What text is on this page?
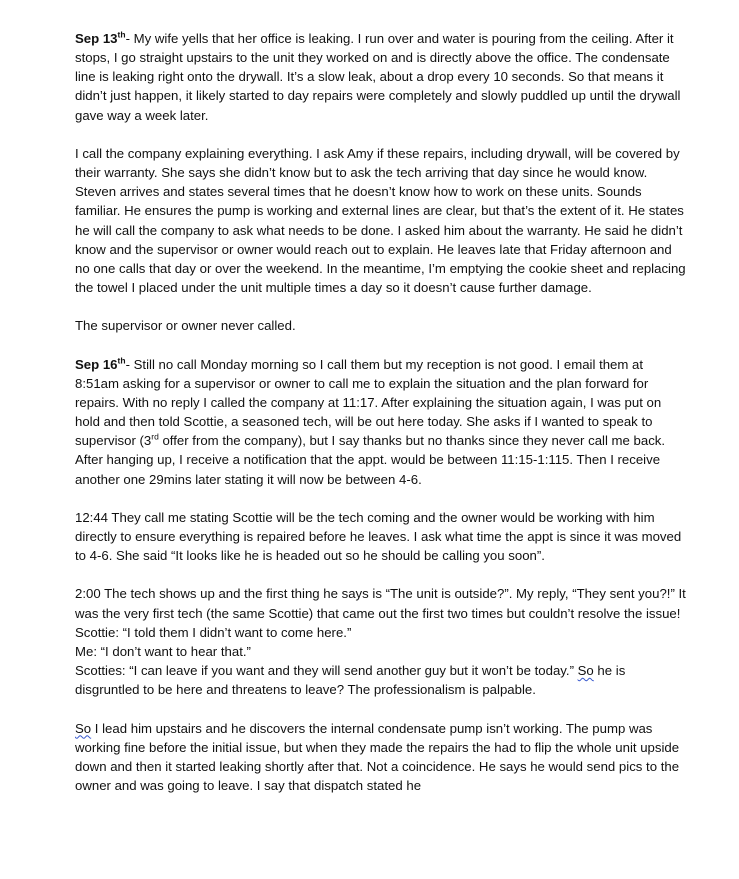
Sep 13th- My wife yells that her office is leaking. I run over and water is pouring from the ceiling. After it stops, I go straight upstairs to the unit they worked on and is directly above the office. The condensate line is leaking right onto the drywall. It’s a slow leak, about a drop every 10 seconds. So that means it didn’t just happen, it likely started to day repairs were completely and slowly puddled up until the drywall gave way a week later.

I call the company explaining everything. I ask Amy if these repairs, including drywall, will be covered by their warranty. She says she didn’t know but to ask the tech arriving that day since he would know. Steven arrives and states several times that he doesn’t know how to work on these units. Sounds familiar. He ensures the pump is working and external lines are clear, but that’s the extent of it. He states he will call the company to ask what needs to be done. I asked him about the warranty. He said he didn’t know and the supervisor or owner would reach out to explain. He leaves late that Friday afternoon and no one calls that day or over the weekend. In the meantime, I’m emptying the cookie sheet and replacing the towel I placed under the unit multiple times a day so it doesn’t cause further damage.

The supervisor or owner never called.

Sep 16th- Still no call Monday morning so I call them but my reception is not good. I email them at 8:51am asking for a supervisor or owner to call me to explain the situation and the plan forward for repairs. With no reply I called the company at 11:17. After explaining the situation again, I was put on hold and then told Scottie, a seasoned tech, will be out here today. She asks if I wanted to speak to supervisor (3rd offer from the company), but I say thanks but no thanks since they never call me back. After hanging up, I receive a notification that the appt. would be between 11:15-1:115. Then I receive another one 29mins later stating it will now be between 4-6.

12:44 They call me stating Scottie will be the tech coming and the owner would be working with him directly to ensure everything is repaired before he leaves. I ask what time the appt is since it was moved to 4-6. She said “It looks like he is headed out so he should be calling you soon”.

2:00 The tech shows up and the first thing he says is “The unit is outside?”. My reply, “They sent you?!” It was the very first tech (the same Scottie) that came out the first two times but couldn’t resolve the issue!
Scottie: “I told them I didn’t want to come here.”
Me: “I don’t want to hear that.”
Scotties: “I can leave if you want and they will send another guy but it won’t be today.” So he is disgruntled to be here and threatens to leave? The professionalism is palpable.

So I lead him upstairs and he discovers the internal condensate pump isn’t working. The pump was working fine before the initial issue, but when they made the repairs the had to flip the whole unit upside down and then it started leaking shortly after that. Not a coincidence. He says he would send pics to the owner and was going to leave. I say that dispatch stated he
